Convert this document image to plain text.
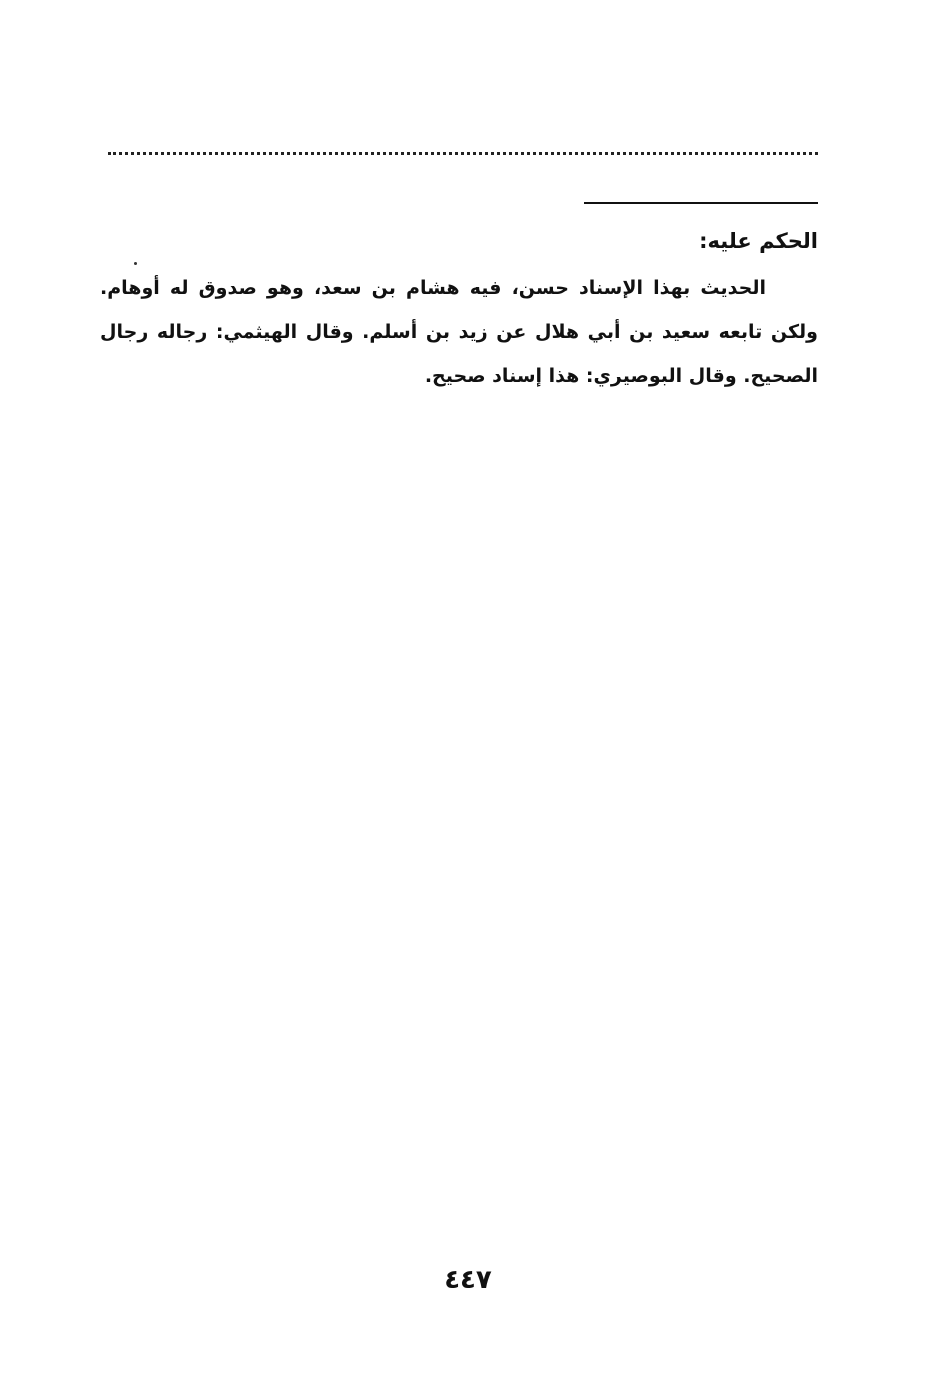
الحكم عليه:

الحديث بهذا الإسناد حسن، فيه هشام بن سعد، وهو صدوق له أوهام. ولكن تابعه سعيد بن أبي هلال عن زيد بن أسلم. وقال الهيثمي: رجاله رجال الصحيح. وقال البوصيري: هذا إسناد صحيح.

٤٤٧
